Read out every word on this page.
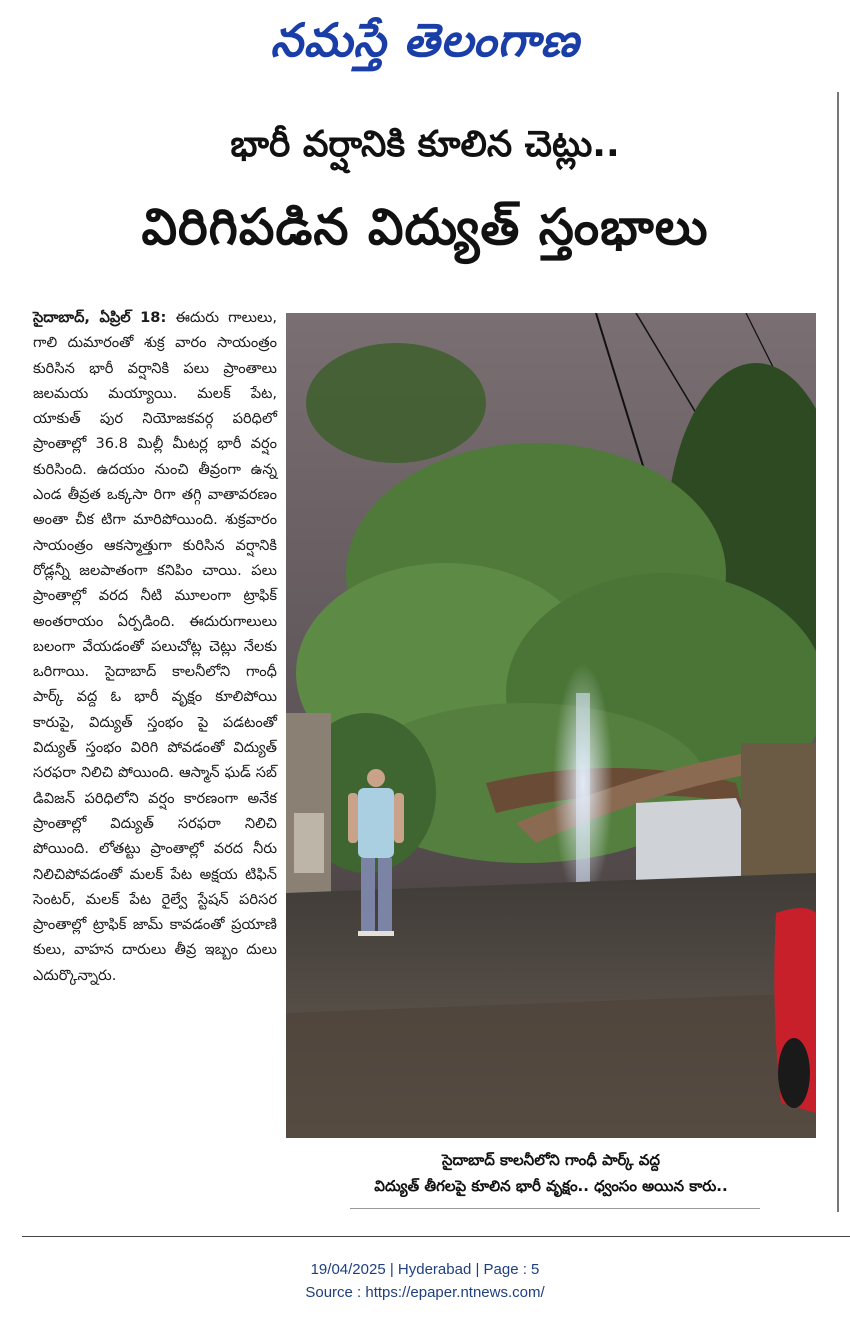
నమస్తే తెలంగాణ
భారీ వర్షానికి కూలిన చెట్లు..
విరిగిపడిన విద్యుత్ స్తంభాలు
సైదాబాద్, ఏప్రిల్ 18: ఈదురు గాలులు, గాలి దుమారంతో శుక్ర వారం సాయంత్రం కురిసిన భారీ వర్షానికి పలు ప్రాంతాలు జలమయ మయ్యాయి. మలక్ పేట, యాకుత్ పుర నియోజకవర్గ పరిధిలో ప్రాంతాల్లో 36.8 మిల్లీ మీటర్ల భారీ వర్షం కురిసింది. ఉదయం నుంచి తీవ్రంగా ఉన్న ఎండ తీవ్రత ఒక్కసా రిగా తగ్గి వాతావరణం అంతా చీక టిగా మారిపోయింది. శుక్రవారం సాయంత్రం ఆకస్మాత్తుగా కురిసిన వర్షానికి రోడ్లన్నీ జలపాతంగా కనిపిం చాయి. పలు ప్రాంతాల్లో వరద నీటి మూలంగా ట్రాఫిక్ అంతరాయం ఏర్పడింది. ఈదురుగాలులు బలంగా వేయడంతో పలుచోట్ల చెట్లు నేలకు ఒరిగాయి. సైదాబాద్ కాలనీలోని గాంధీ పార్క్ వద్ద ఓ భారీ వృక్షం కూలిపోయి కారుపై, విద్యుత్ స్తంభం పై పడటంతో విద్యుత్ స్తంభం విరిగి పోవడంతో విద్యుత్ సరఫరా నిలిచి పోయింది. ఆస్మాన్ ఘడ్ సబ్ డివిజన్ పరిధిలోని వర్షం కారణంగా అనేక ప్రాంతాల్లో విద్యుత్ సరఫరా నిలిచి పోయింది. లోతట్టు ప్రాంతాల్లో వరద నీరు నిలిచిపోవడంతో మలక్ పేట అక్షయ టిఫిన్ సెంటర్, మలక్ పేట రైల్వే స్టేషన్ పరిసర ప్రాంతాల్లో ట్రాఫిక్ జామ్ కావడంతో ప్రయాణి కులు, వాహన దారులు తీవ్ర ఇబ్బం దులు ఎదుర్కొన్నారు.
సైదాబాద్ కాలనీలోని గాంధీ పార్క్ వద్ద
విద్యుత్ తీగలపై కూలిన భారీ వృక్షం.. ధ్వంసం అయిన కారు..
19/04/2025 | Hyderabad | Page : 5
Source : https://epaper.ntnews.com/
